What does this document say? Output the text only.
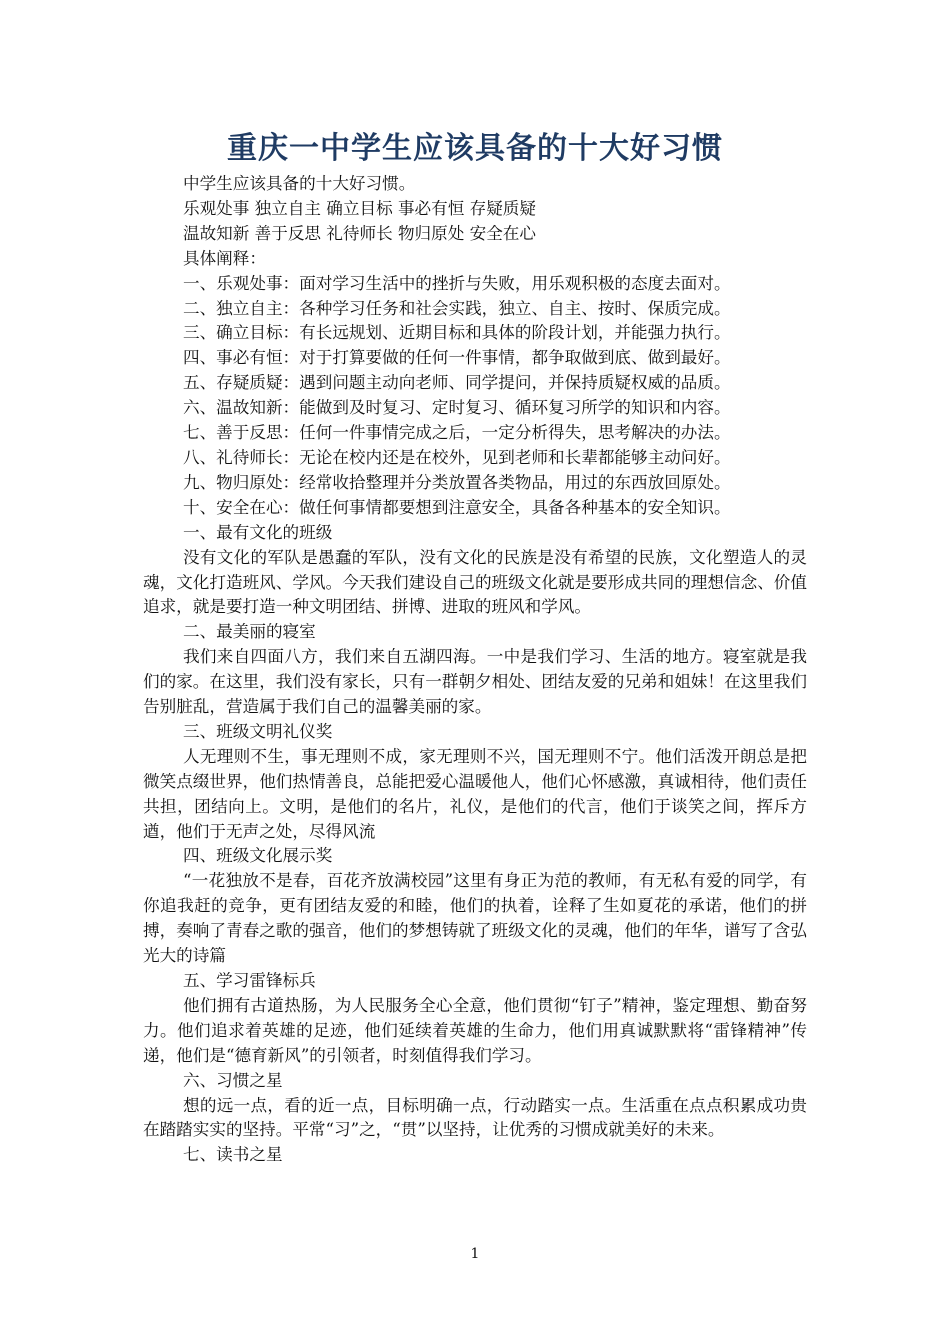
重庆一中学生应该具备的十大好习惯

中学生应该具备的十大好习惯。

乐观处事 独立自主 确立目标 事必有恒 存疑质疑

温故知新 善于反思 礼待师长 物归原处 安全在心

具体阐释：

一、乐观处事：面对学习生活中的挫折与失败，用乐观积极的态度去面对。

二、独立自主：各种学习任务和社会实践，独立、自主、按时、保质完成。

三、确立目标：有长远规划、近期目标和具体的阶段计划，并能强力执行。

四、事必有恒：对于打算要做的任何一件事情，都争取做到底、做到最好。

五、存疑质疑：遇到问题主动向老师、同学提问，并保持质疑权威的品质。

六、温故知新：能做到及时复习、定时复习、循环复习所学的知识和内容。

七、善于反思：任何一件事情完成之后，一定分析得失，思考解决的办法。

八、礼待师长：无论在校内还是在校外，见到老师和长辈都能够主动问好。

九、物归原处：经常收拾整理并分类放置各类物品，用过的东西放回原处。

十、安全在心：做任何事情都要想到注意安全，具备各种基本的安全知识。

一、最有文化的班级

没有文化的军队是愚蠢的军队，没有文化的民族是没有希望的民族，文化塑造人的灵魂，文化打造班风、学风。今天我们建设自己的班级文化就是要形成共同的理想信念、价值追求，就是要打造一种文明团结、拼博、进取的班风和学风。

二、最美丽的寝室

我们来自四面八方，我们来自五湖四海。一中是我们学习、生活的地方。寝室就是我们的家。在这里，我们没有家长，只有一群朝夕相处、团结友爱的兄弟和姐妹！在这里我们告别脏乱，营造属于我们自己的温馨美丽的家。

三、班级文明礼仪奖

人无理则不生，事无理则不成，家无理则不兴，国无理则不宁。他们活泼开朗总是把微笑点缀世界，他们热情善良，总能把爱心温暖他人，他们心怀感激，真诚相待，他们责任共担，团结向上。文明，是他们的名片，礼仪，是他们的代言，他们于谈笑之间，挥斥方遒，他们于无声之处，尽得风流

四、班级文化展示奖

“一花独放不是春，百花齐放满校园”这里有身正为范的教师，有无私有爱的同学，有你追我赶的竞争，更有团结友爱的和睦，他们的执着，诠释了生如夏花的承诺，他们的拼搏，奏响了青春之歌的强音，他们的梦想铸就了班级文化的灵魂，他们的年华，谱写了含弘光大的诗篇

五、学习雷锋标兵

他们拥有古道热肠，为人民服务全心全意，他们贯彻“钉子”精神，鉴定理想、勤奋努力。他们追求着英雄的足迹，他们延续着英雄的生命力，他们用真诚默默将“雷锋精神”传递，他们是“德育新风”的引领者，时刻值得我们学习。

六、习惯之星

想的远一点，看的近一点，目标明确一点，行动踏实一点。生活重在点点积累成功贵在踏踏实实的坚持。平常“习”之，“贯”以坚持，让优秀的习惯成就美好的未来。

七、读书之星

1
